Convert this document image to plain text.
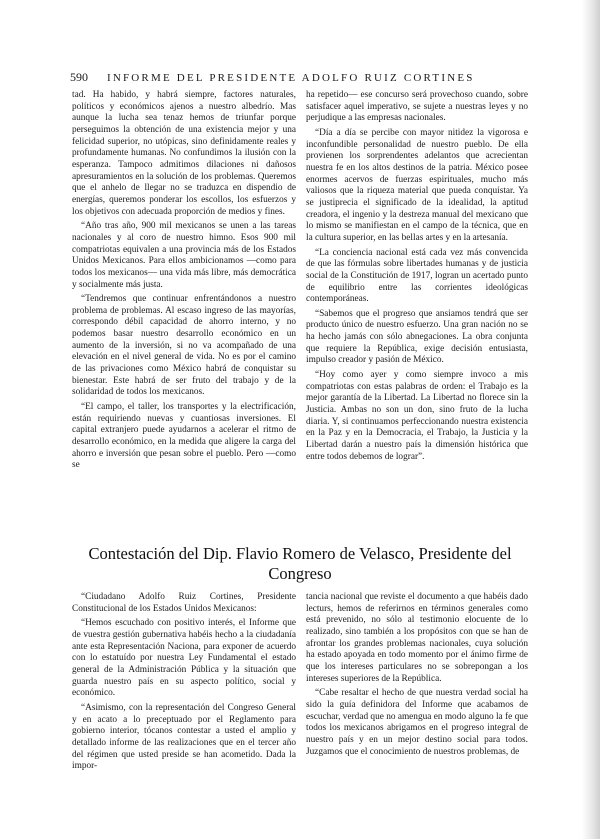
590 INFORME DEL PRESIDENTE ADOLFO RUIZ CORTINES

tad. Ha habido, y habrá siempre, factores naturales, políticos y económicos ajenos a nuestro albedrío. Mas aunque la lucha sea tenaz hemos de triunfar porque perseguimos la obtención de una existencia mejor y una felicidad superior, no utópicas, sino definidamente reales y profundamente humanas. No confundimos la ilusión con la esperanza. Tampoco admitimos dilaciones ni dañosos apresuramientos en la solución de los problemas. Queremos que el anhelo de llegar no se traduzca en dispendio de energías, queremos ponderar los escollos, los esfuerzos y los objetivos con adecuada proporción de medios y fines.

“Año tras año, 900 mil mexicanos se unen a las tareas nacionales y al coro de nuestro himno. Esos 900 mil compatriotas equivalen a una provincia más de los Estados Unidos Mexicanos. Para ellos ambicionamos —como para todos los mexicanos— una vida más libre, más democrática y socialmente más justa.

“Tendremos que continuar enfrentándonos a nuestro problema de problemas. Al escaso ingreso de las mayorías, correspondo débil capacidad de ahorro interno, y no podemos basar nuestro desarrollo económico en un aumento de la inversión, si no va acompañado de una elevación en el nivel general de vida. No es por el camino de las privaciones como México habrá de conquistar su bienestar. Este habrá de ser fruto del trabajo y de la solidaridad de todos los mexicanos.

“El campo, el taller, los transportes y la electrificación, están requiriendo nuevas y cuantiosas inversiones. El capital extranjero puede ayudarnos a acelerar el ritmo de desarrollo económico, en la medida que aligere la carga del ahorro e inversión que pesan sobre el pueblo. Pero —como se

ha repetido— ese concurso será provechoso cuando, sobre satisfacer aquel imperativo, se sujete a nuestras leyes y no perjudique a las empresas nacionales.

“Día a día se percibe con mayor nitidez la vigorosa e inconfundible personalidad de nuestro pueblo. De ella provienen los sorprendentes adelantos que acrecientan nuestra fe en los altos destinos de la patria. México posee enormes acervos de fuerzas espirituales, mucho más valiosos que la riqueza material que pueda conquistar. Ya se justiprecia el significado de la idealidad, la aptitud creadora, el ingenio y la destreza manual del mexicano que lo mismo se manifiestan en el campo de la técnica, que en la cultura superior, en las bellas artes y en la artesanía.

“La conciencia nacional está cada vez más convencida de que las fórmulas sobre libertades humanas y de justicia social de la Constitución de 1917, logran un acertado punto de equilibrio entre las corrientes ideológicas contemporáneas.

“Sabemos que el progreso que ansiamos tendrá que ser producto único de nuestro esfuerzo. Una gran nación no se ha hecho jamás con sólo abnegaciones. La obra conjunta que requiere la República, exige decisión entusiasta, impulso creador y pasión de México.

“Hoy como ayer y como siempre invoco a mis compatriotas con estas palabras de orden: el Trabajo es la mejor garantía de la Libertad. La Libertad no florece sin la Justicia. Ambas no son un don, sino fruto de la lucha diaria. Y, si continuamos perfeccionando nuestra existencia en la Paz y en la Democracia, el Trabajo, la Justicia y la Libertad darán a nuestro país la dimensión histórica que entre todos debemos de lograr”.

Contestación del Dip. Flavio Romero de Velasco, Presidente del Congreso

“Ciudadano Adolfo Ruiz Cortines, Presidente Constitucional de los Estados Unidos Mexicanos:

“Hemos escuchado con positivo interés, el Informe que de vuestra gestión gubernativa habéis hecho a la ciudadanía ante esta Representación Naciona, para exponer de acuerdo con lo estatuído por nuestra Ley Fundamental el estado general de la Administración Pública y la situación que guarda nuestro país en su aspecto político, social y económico.

“Asimismo, con la representación del Congreso General y en acato a lo preceptuado por el Reglamento para gobierno interior, tócanos contestar a usted el amplio y detallado informe de las realizaciones que en el tercer año del régimen que usted preside se han acometido. Dada la impor-

tancia nacional que reviste el documento a que habéis dado lecturs, hemos de referirnos en términos generales como está prevenido, no sólo al testimonio elocuente de lo realizado, sino también a los propósitos con que se han de afrontar los grandes problemas nacionales, cuya solución ha estado apoyada en todo momento por el ánimo firme de que los intereses particulares no se sobrepongan a los intereses superiores de la República.

“Cabe resaltar el hecho de que nuestra verdad social ha sido la guía definidora del Informe que acabamos de escuchar, verdad que no amengua en modo alguno la fe que todos los mexicanos abrigamos en el progreso integral de nuestro país y en un mejor destino social para todos. Juzgamos que el conocimiento de nuestros problemas, de
